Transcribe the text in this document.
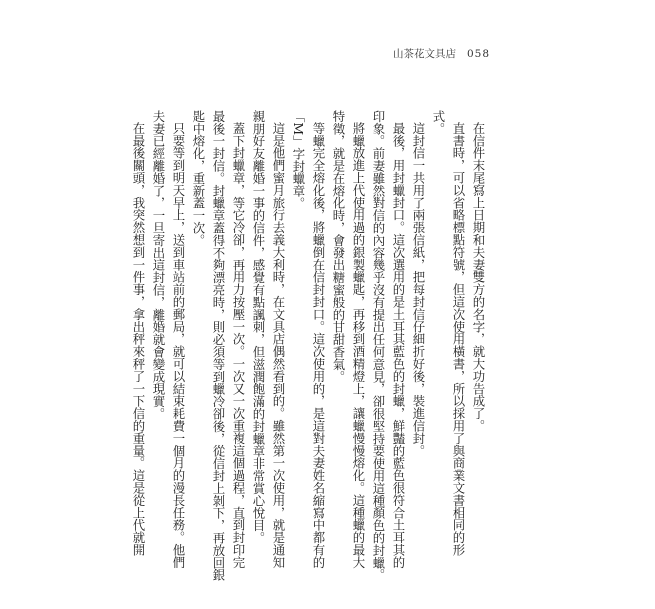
山茶花文具店 058
在信件末尾寫上日期和夫妻雙方的名字，就大功告成了。
直書時，可以省略標點符號，但這次使用橫書，所以採用了與商業文書相同的形
式。
這封信一共用了兩張信紙，把每封信仔細折好後，裝進信封。
最後，用封蠟封口。這次選用的是土耳其藍色的封蠟，鮮豔的藍色很符合土耳其的
印象。前妻雖然對信的內容幾乎沒有提出任何意見，卻很堅持要使用這種顏色的封蠟。
將蠟放進上代使用過的銀製蠟匙，再移到酒精燈上，讓蠟慢慢熔化。這種蠟的最大
特徵，就是在熔化時，會發出糖蜜般的甘甜香氣。
等蠟完全熔化後，將蠟倒在信封封口。這次使用的，是這對夫妻姓名縮寫中都有的
「M」字封蠟章。
這是他們蜜月旅行去義大利時，在文具店偶然看到的。雖然第一次使用，就是通知
親朋好友離婚一事的信件，感覺有點諷刺，但滋潤飽滿的封蠟章非常賞心悅目。
蓋下封蠟章，等它冷卻，再用力按壓一次。一次又一次重複這個過程，直到封印完
最後一封信。封蠟章蓋得不夠漂亮時，則必須等到蠟冷卻後，從信封上剝下，再放回銀
匙中熔化，重新蓋一次。
只要等到明天早上，送到車站前的郵局，就可以結束耗費一個月的漫長任務。他們
夫妻已經離婚了，一旦寄出這封信，離婚就會變成現實。
在最後關頭，我突然想到一件事，拿出秤來秤了一下信的重量。這是從上代就開
